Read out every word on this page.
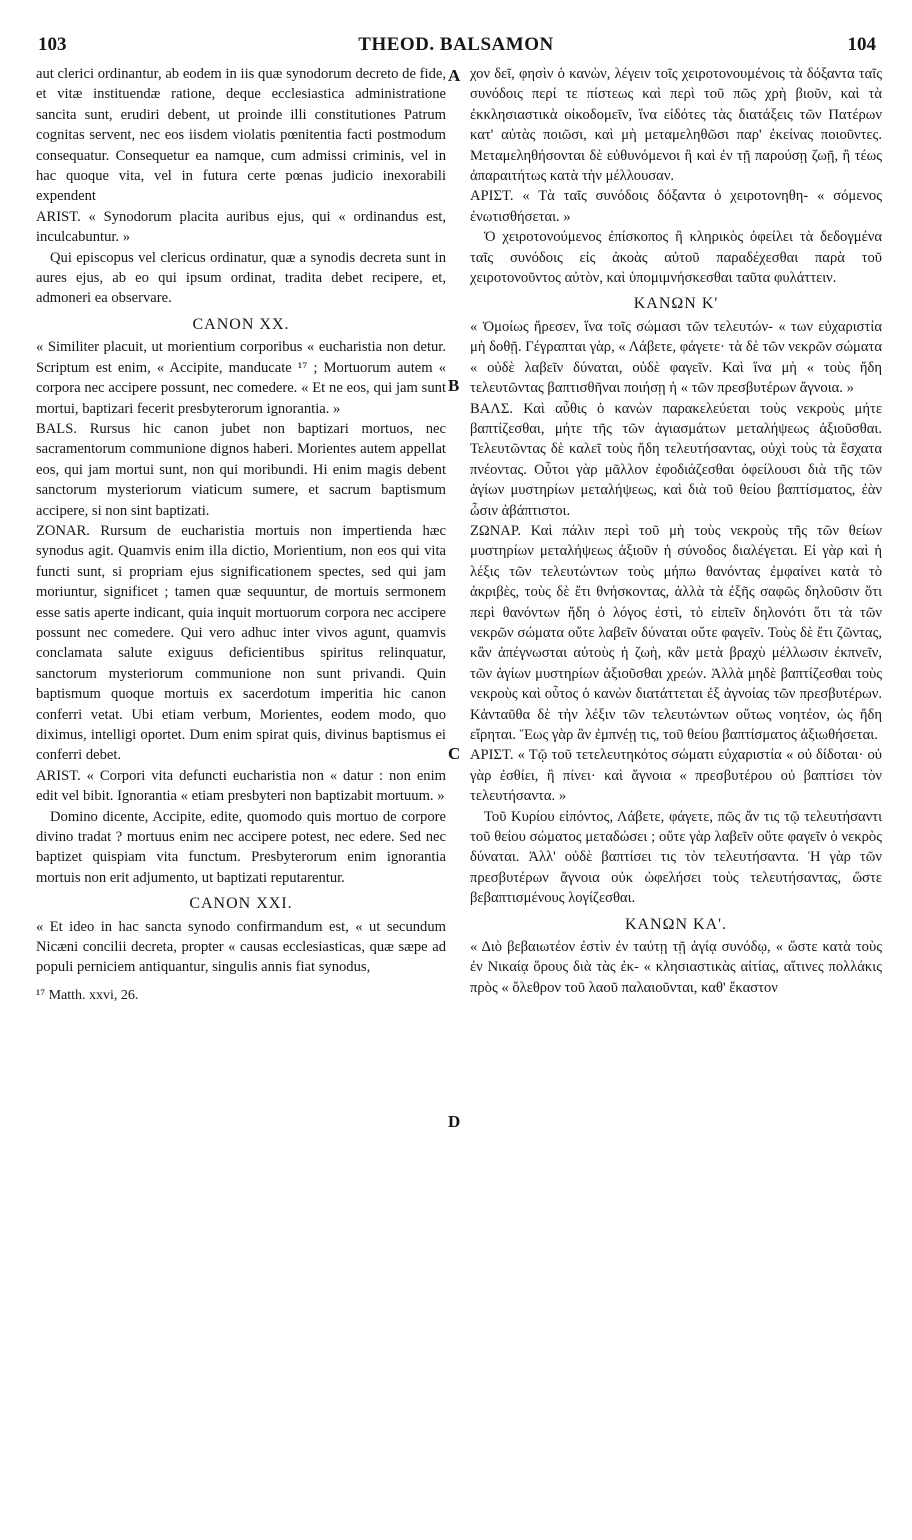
103	THEOD. BALSAMON	104

aut clerici ordinantur, ab eodem in iis quæ synodorum decreto de fide, et vitæ instituendæ ratione, deque ecclesiastica administratione sancita sunt, erudiri debent, ut proinde illi constitutiones Patrum cognitas servent, nec eos iisdem violatis pœnitentia facti postmodum consequatur. Consequetur ea namque, cum admissi criminis, vel in hac quoque vita, vel in futura certe pœnas judicio inexorabili expendent

ARIST. « Synodorum placita auribus ejus, qui « ordinandus est, inculcabuntur. »

Qui episcopus vel clericus ordinatur, quæ a synodis decreta sunt in aures ejus, ab eo qui ipsum ordinat, tradita debet recipere, et, admoneri ea observare.

CANON XX.

« Similiter placuit, ut morientium corporibus « eucharistia non detur. Scriptum est enim, « Accipite, manducate ¹⁷ ; Mortuorum autem « corpora nec accipere possunt, nec comedere. « Et ne eos, qui jam sunt mortui, baptizari fecerit presbyterorum ignorantia. »

BALS. Rursus hic canon jubet non baptizari mortuos, nec sacramentorum communione dignos haberi. Morientes autem appellat eos, qui jam mortui sunt, non qui moribundi. Hi enim magis debent sanctorum mysteriorum viaticum sumere, et sacrum baptismum accipere, si non sint baptizati.

ZONAR. Rursum de eucharistia mortuis non impertienda hæc synodus agit. Quamvis enim illa dictio, Morientium, non eos qui vita functi sunt, si propriam ejus significationem spectes, sed qui jam moriuntur, significet ; tamen quæ sequuntur, de mortuis sermonem esse satis aperte indicant, quia inquit mortuorum corpora nec accipere possunt nec comedere. Qui vero adhuc inter vivos agunt, quamvis conclamata salute exiguus deficientibus spiritus relinquatur, sanctorum mysteriorum communione non sunt privandi. Quin baptismum quoque mortuis ex sacerdotum imperitia hic canon conferri vetat. Ubi etiam verbum, Morientes, eodem modo, quo diximus, intelligi oportet. Dum enim spirat quis, divinus baptismus ei conferri debet.

ARIST. « Corpori vita defuncti eucharistia non « datur : non enim edit vel bibit. Ignorantia « etiam presbyteri non baptizabit mortuum. »

Domino dicente, Accipite, edite, quomodo quis mortuo de corpore divino tradat ? mortuus enim nec accipere potest, nec edere. Sed nec baptizet quispiam vita functum. Presbyterorum enim ignorantia mortuis non erit adjumento, ut baptizati reputarentur.

CANON XXI.

« Et ideo in hac sancta synodo confirmandum est, « ut secundum Nicæni concilii decreta, propter « causas ecclesiasticas, quæ sæpe ad populi perniciem antiquantur, singulis annis fiat synodus,

¹⁷ Matth. xxvi, 26.

χον δεῖ, φησὶν ὁ κανὼν, λέγειν τοῖς χειροτονουμένοις τὰ δόξαντα ταῖς συνόδοις περί τε πίστεως καὶ περὶ τοῦ πῶς χρὴ βιοῦν, καὶ τὰ ἐκκλησιαστικὰ οἰκοδομεῖν, ἵνα εἰδότες τὰς διατάξεις τῶν Πατέρων κατ' αὐτὰς ποιῶσι, καὶ μὴ μεταμεληθῶσι παρ' ἐκείνας ποιοῦντες. Μεταμεληθήσονται δὲ εὐθυνόμενοι ἢ καὶ ἐν τῇ παρούσῃ ζωῇ, ἢ τέως ἀπαραιτήτως κατὰ τὴν μέλλουσαν.

ΑΡΙΣΤ. « Τὰ ταῖς συνόδοις δόξαντα ὁ χειροτονηθη- « σόμενος ἐνωτισθήσεται. »

Ὁ χειροτονούμενος ἐπίσκοπος ἢ κληρικὸς ὀφείλει τὰ δεδογμένα ταῖς συνόδοις εἰς ἀκοὰς αὐτοῦ παραδέχεσθαι παρὰ τοῦ χειροτονοῦντος αὐτὸν, καὶ ὑπομιμνήσκεσθαι ταῦτα φυλάττειν.

ΚΑΝΩΝ Κ'

« Ὁμοίως ἤρεσεν, ἵνα τοῖς σώμασι τῶν τελευτών- « των εὐχαριστία μὴ δοθῇ. Γέγραπται γὰρ, « Λάβετε, φάγετε· τὰ δὲ τῶν νεκρῶν σώματα « οὐδὲ λαβεῖν δύναται, οὐδὲ φαγεῖν. Καὶ ἵνα μὴ « τοὺς ἤδη τελευτῶντας βαπτισθῆναι ποιήσῃ ἡ « τῶν πρεσβυτέρων ἄγνοια. »

ΒΑΛΣ. Καὶ αὖθις ὁ κανὼν παρακελεύεται τοὺς νεκροὺς μήτε βαπτίζεσθαι, μήτε τῆς τῶν ἁγιασμάτων μεταλήψεως ἀξιοῦσθαι. Τελευτῶντας δὲ καλεῖ τοὺς ἤδη τελευτήσαντας, οὐχὶ τοὺς τὰ ἔσχατα πνέοντας. Οὗτοι γὰρ μᾶλλον ἐφοδιάζεσθαι ὀφείλουσι διὰ τῆς τῶν ἁγίων μυστηρίων μεταλήψεως, καὶ διὰ τοῦ θείου βαπτίσματος, ἐὰν ὦσιν ἀβάπτιστοι.

ΖΩΝΑΡ. Καὶ πάλιν περὶ τοῦ μὴ τοὺς νεκροὺς τῆς τῶν θείων μυστηρίων μεταλήψεως ἀξιοῦν ἡ σύνοδος διαλέγεται. Εἰ γὰρ καὶ ἡ λέξις τῶν τελευτώντων τοὺς μήπω θανόντας ἐμφαίνει κατὰ τὸ ἀκριβὲς, τοὺς δὲ ἔτι θνήσκοντας, ἀλλὰ τὰ ἐξῆς σαφῶς δηλοῦσιν ὅτι περὶ θανόντων ἤδη ὁ λόγος ἐστὶ, τὸ εἰπεῖν δηλονότι ὅτι τὰ τῶν νεκρῶν σώματα οὔτε λαβεῖν δύναται οὔτε φαγεῖν. Τοὺς δὲ ἔτι ζῶντας, κἂν ἀπέγνωσται αὐτοὺς ἡ ζωὴ, κἂν μετὰ βραχὺ μέλλωσιν ἐκπνεῖν, τῶν ἁγίων μυστηρίων ἀξιοῦσθαι χρεών. Ἀλλὰ μηδὲ βαπτίζεσθαι τοὺς νεκροὺς καὶ οὗτος ὁ κανὼν διατάττεται ἐξ ἀγνοίας τῶν πρεσβυτέρων. Κἀνταῦθα δὲ τὴν λέξιν τῶν τελευτώντων οὕτως νοητέον, ὡς ἤδη εἴρηται. Ἕως γὰρ ἂν ἐμπνέῃ τις, τοῦ θείου βαπτίσματος ἀξιωθήσεται.

ΑΡΙΣΤ. « Τῷ τοῦ τετελευτηκότος σώματι εὐχαριστία « οὐ δίδοται· οὐ γὰρ ἐσθίει, ἢ πίνει· καὶ ἄγνοια « πρεσβυτέρου οὐ βαπτίσει τὸν τελευτήσαντα. »

Τοῦ Κυρίου εἰπόντος, Λάβετε, φάγετε, πῶς ἄν τις τῷ τελευτήσαντι τοῦ θείου σώματος μεταδώσει ; οὔτε γὰρ λαβεῖν οὔτε φαγεῖν ὁ νεκρὸς δύναται. Ἀλλ' οὐδὲ βαπτίσει τις τὸν τελευτήσαντα. Ἡ γὰρ τῶν πρεσβυτέρων ἄγνοια οὐκ ὠφελήσει τοὺς τελευτήσαντας, ὥστε βεβαπτισμένους λογίζεσθαι.

ΚΑΝΩΝ ΚΑ'.

« Διὸ βεβαιωτέον ἐστὶν ἐν ταύτῃ τῇ ἁγίᾳ συνόδῳ, « ὥστε κατὰ τοὺς ἐν Νικαίᾳ ὅρους διὰ τὰς ἐκ- « κλησιαστικὰς αἰτίας, αἵτινες πολλάκις πρὸς « ὄλεθρον τοῦ λαοῦ παλαιοῦνται, καθ' ἕκαστον

A
B
C
D
